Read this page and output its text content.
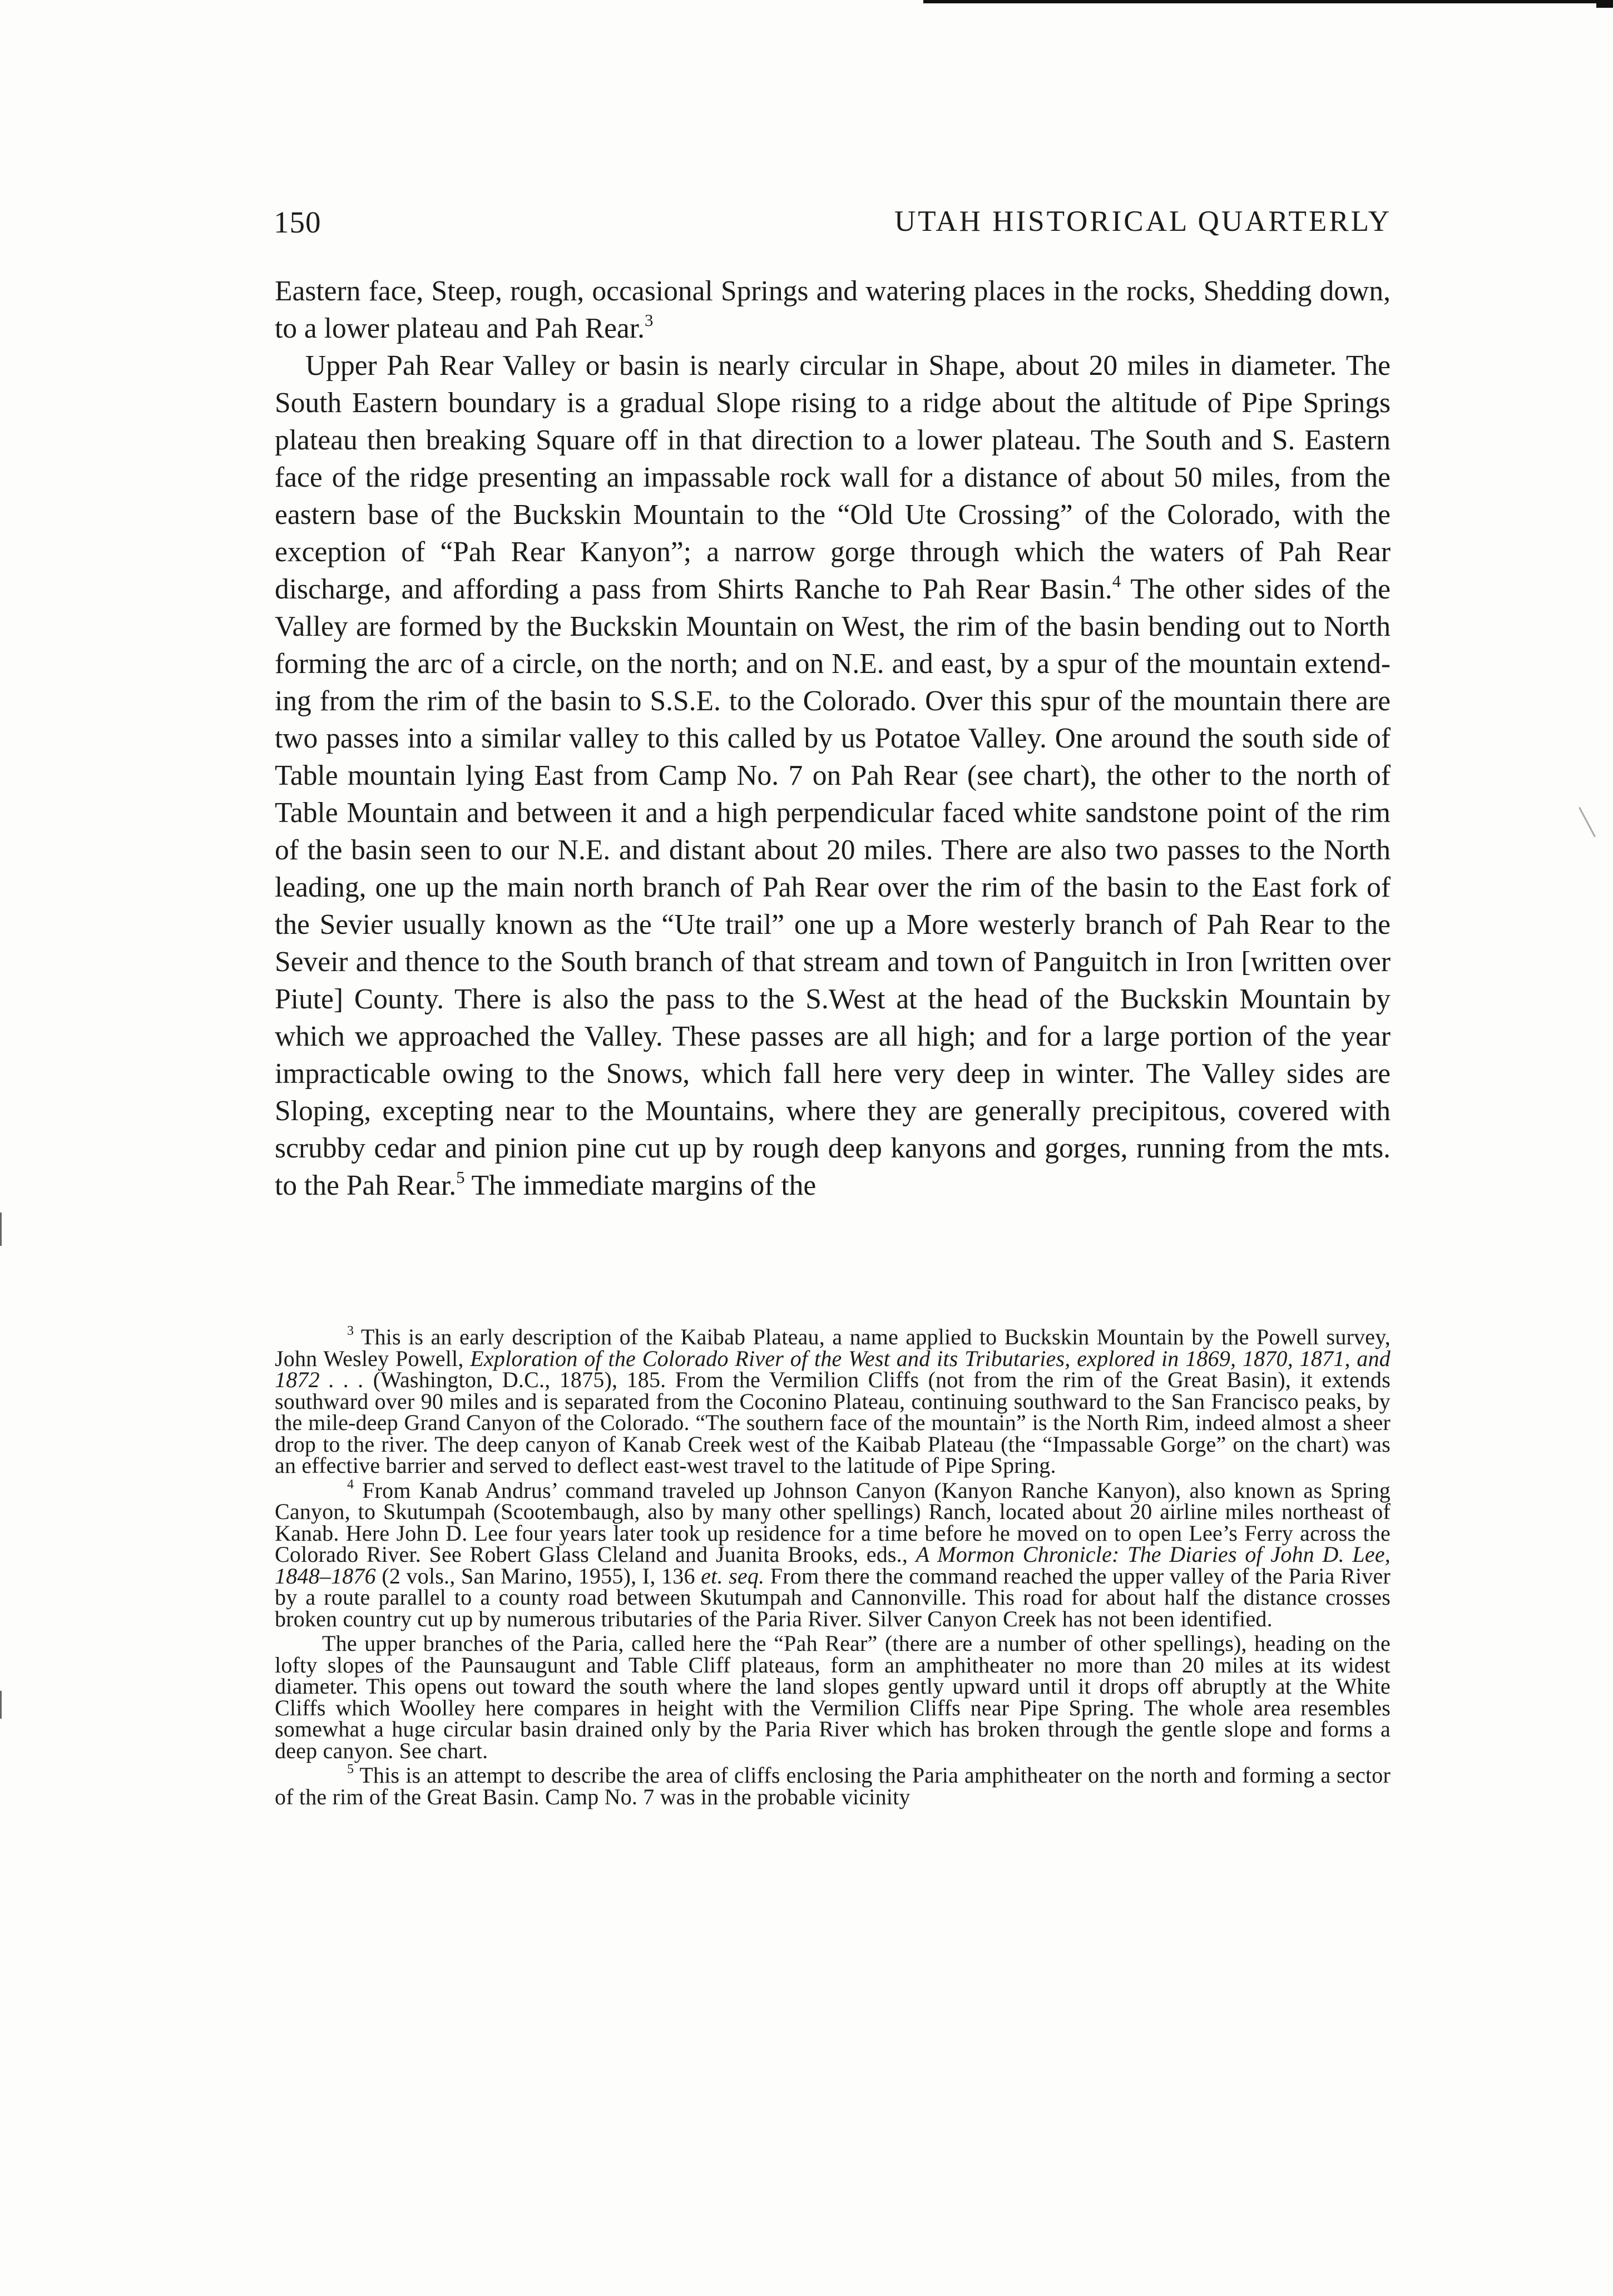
150	UTAH HISTORICAL QUARTERLY

Eastern face, Steep, rough, occasional Springs and watering places in the rocks, Shedding down, to a lower plateau and Pah Rear.$^3$

Upper Pah Rear Valley or basin is nearly circular in Shape, about 20 miles in diameter. The South Eastern boundary is a gradual Slope rising to a ridge about the altitude of Pipe Springs plateau then breaking Square off in that direction to a lower plateau. The South and S. Eastern face of the ridge presenting an impassable rock wall for a distance of about 50 miles, from the eastern base of the Buckskin Mountain to the “Old Ute Crossing” of the Colorado, with the exception of “Pah Rear Kanyon”; a narrow gorge through which the waters of Pah Rear discharge, and affording a pass from Shirts Ranche to Pah Rear Basin.$^4$ The other sides of the Valley are formed by the Buckskin Mountain on West, the rim of the basin bending out to North forming the arc of a circle, on the north; and on N.E. and east, by a spur of the mountain extending from the rim of the basin to S.S.E. to the Colorado. Over this spur of the mountain there are two passes into a similar valley to this called by us Potatoe Valley. One around the south side of Table mountain lying East from Camp No. 7 on Pah Rear (see chart), the other to the north of Table Mountain and between it and a high perpendicular faced white sandstone point of the rim of the basin seen to our N.E. and distant about 20 miles. There are also two passes to the North leading, one up the main north branch of Pah Rear over the rim of the basin to the East fork of the Sevier usually known as the “Ute trail” one up a More westerly branch of Pah Rear to the Seveir and thence to the South branch of that stream and town of Panguitch in Iron [written over Piute] County. There is also the pass to the S.West at the head of the Buckskin Mountain by which we approached the Valley. These passes are all high; and for a large portion of the year impracticable owing to the Snows, which fall here very deep in winter. The Valley sides are Sloping, excepting near to the Mountains, where they are generally precipitous, covered with scrubby cedar and pinion pine cut up by rough deep kanyons and gorges, running from the mts. to the Pah Rear.$^5$ The immediate margins of the

$^3$ This is an early description of the Kaibab Plateau, a name applied to Buckskin Mountain by the Powell survey, John Wesley Powell, Exploration of the Colorado River of the West and its Tributaries, explored in 1869, 1870, 1871, and 1872 . . . (Washington, D.C., 1875), 185. From the Vermilion Cliffs (not from the rim of the Great Basin), it extends southward over 90 miles and is separated from the Coconino Plateau, continuing southward to the San Francisco peaks, by the mile-deep Grand Canyon of the Colorado. “The southern face of the mountain” is the North Rim, indeed almost a sheer drop to the river. The deep canyon of Kanab Creek west of the Kaibab Plateau (the “Impassable Gorge” on the chart) was an effective barrier and served to deflect east-west travel to the latitude of Pipe Spring.

$^4$ From Kanab Andrus’ command traveled up Johnson Canyon (Kanyon Ranche Kanyon), also known as Spring Canyon, to Skutumpah (Scootembaugh, also by many other spellings) Ranch, located about 20 airline miles northeast of Kanab. Here John D. Lee four years later took up residence for a time before he moved on to open Lee’s Ferry across the Colorado River. See Robert Glass Cleland and Juanita Brooks, eds., A Mormon Chronicle: The Diaries of John D. Lee, 1848–1876 (2 vols., San Marino, 1955), I, 136 et. seq. From there the command reached the upper valley of the Paria River by a route parallel to a county road between Skutumpah and Cannonville. This road for about half the distance crosses broken country cut up by numerous tributaries of the Paria River. Silver Canyon Creek has not been identified.

The upper branches of the Paria, called here the “Pah Rear” (there are a number of other spellings), heading on the lofty slopes of the Paunsaugunt and Table Cliff plateaus, form an amphitheater no more than 20 miles at its widest diameter. This opens out toward the south where the land slopes gently upward until it drops off abruptly at the White Cliffs which Woolley here compares in height with the Vermilion Cliffs near Pipe Spring. The whole area resembles somewhat a huge circular basin drained only by the Paria River which has broken through the gentle slope and forms a deep canyon. See chart.

$^5$ This is an attempt to describe the area of cliffs enclosing the Paria amphitheater on the north and forming a sector of the rim of the Great Basin. Camp No. 7 was in the probable vicinity
